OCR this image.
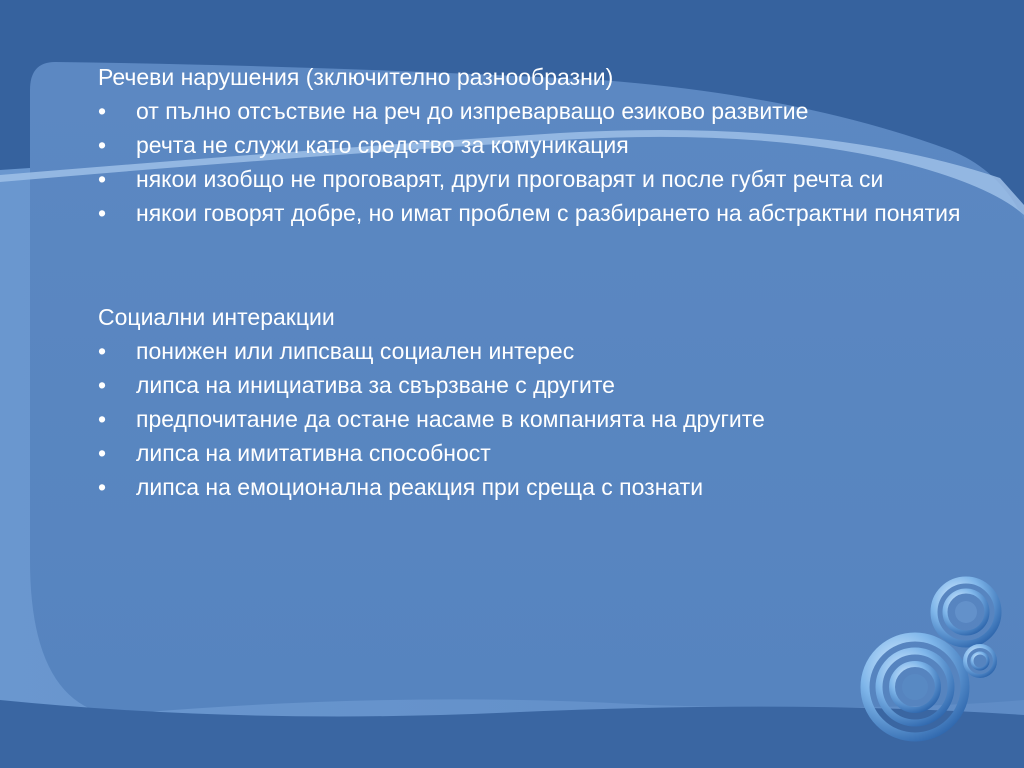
Речеви нарушения (зключително разнообразни)
•	от пълно отсъствие на реч до изпреварващо езиково развитие
•	речта не служи като средство за комуникация
•	някои изобщо не проговарят, други проговарят и после губят речта си
•	някои говорят добре, но имат проблем с разбирането на абстрактни понятия
Социални интеракции
•	понижен или липсващ социален интерес
•	липса на инициатива за свързване с другите
•	предпочитание да остане насаме в компанията на другите
•	липса на имитативна способност
•	липса на емоционална реакция при среща с познати
